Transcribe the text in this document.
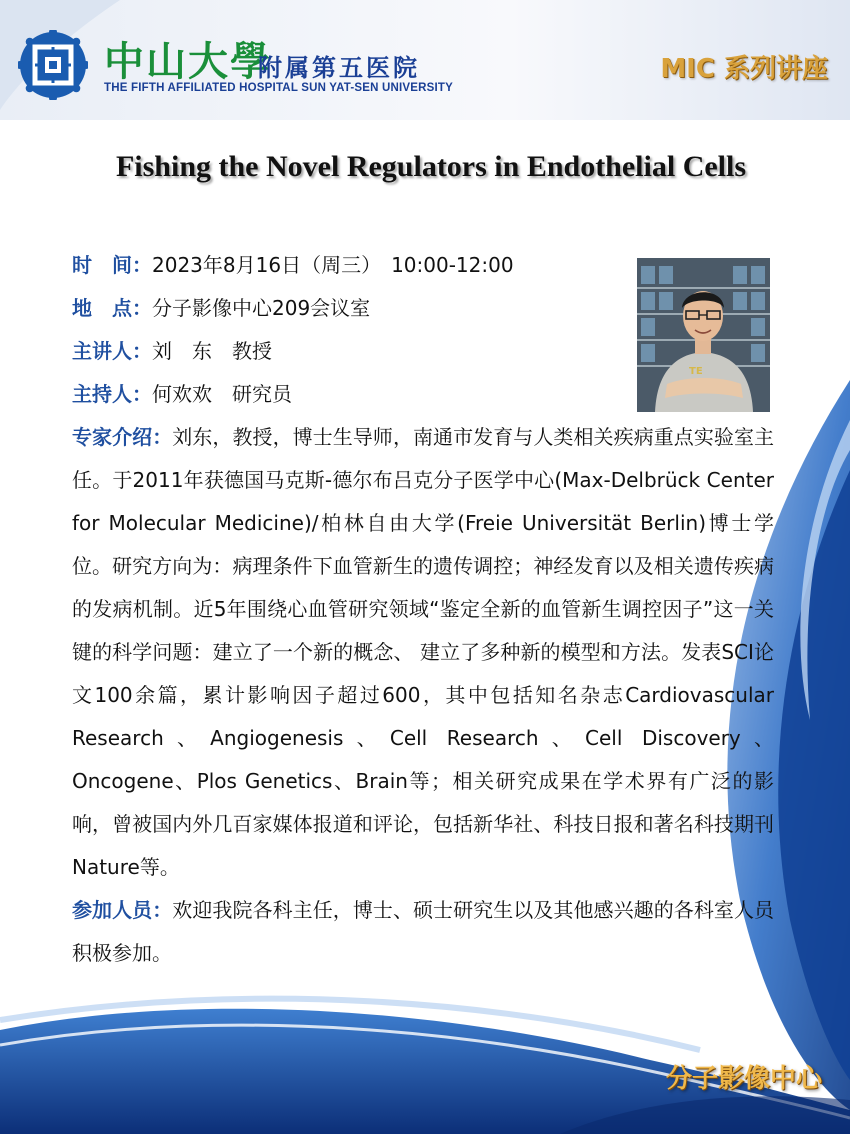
中山大學
附属第五医院
THE FIFTH AFFILIATED HOSPITAL SUN YAT-SEN UNIVERSITY
MIC 系列讲座
Fishing the Novel Regulators in Endothelial Cells
TE
时　间：2023年8月16日（周三）　10:00-12:00
地　点：分子影像中心209会议室
主讲人：刘　东　教授
主持人：何欢欢　研究员
专家介绍：刘东，教授，博士生导师，南通市发育与人类相关疾病重点实验室主任。于2011年获德国马克斯-德尔布吕克分子医学中心(Max-Delbrück Center for Molecular Medicine)/柏林自由大学(Freie Universität Berlin)博士学位。研究方向为：病理条件下血管新生的遗传调控；神经发育以及相关遗传疾病的发病机制。近5年围绕心血管研究领域“鉴定全新的血管新生调控因子”这一关键的科学问题：建立了一个新的概念、 建立了多种新的模型和方法。发表SCI论文100余篇，累计影响因子超过600，其中包括知名杂志Cardiovascular Research、Angiogenesis、Cell Research、Cell Discovery、Oncogene、Plos Genetics、Brain等；相关研究成果在学术界有广泛的影响，曾被国内外几百家媒体报道和评论，包括新华社、科技日报和著名科技期刊Nature等。
参加人员：欢迎我院各科主任，博士、硕士研究生以及其他感兴趣的各科室人员积极参加。
分子影像中心
